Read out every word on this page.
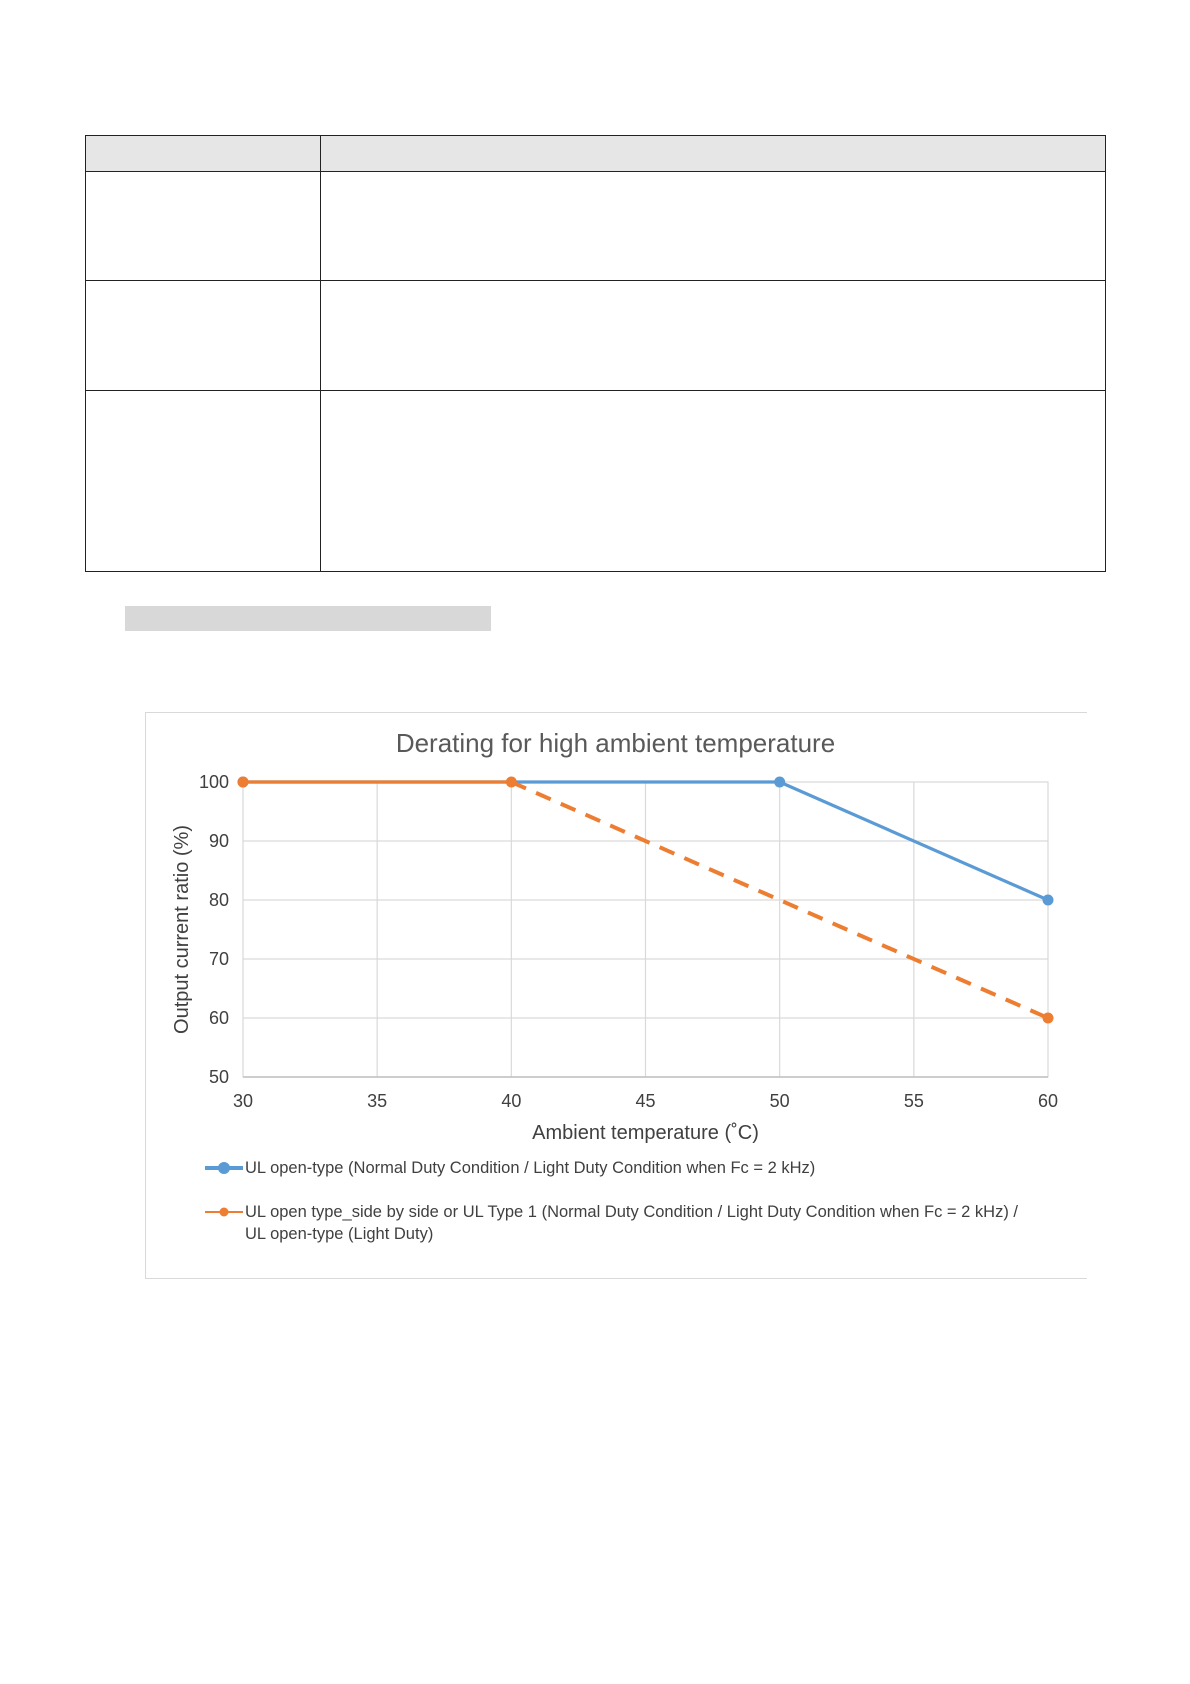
Derating for high ambient temperature
30	35	40	45	50	55	60
50
60
70
80
90
100
Ambient temperature (˚C)
Output current ratio (%)
UL open-type (Normal Duty Condition / Light Duty Condition when Fc = 2 kHz)
UL open type_side by side or UL Type 1 (Normal Duty Condition / Light Duty Condition when Fc = 2 kHz) /
UL open-type (Light Duty)
